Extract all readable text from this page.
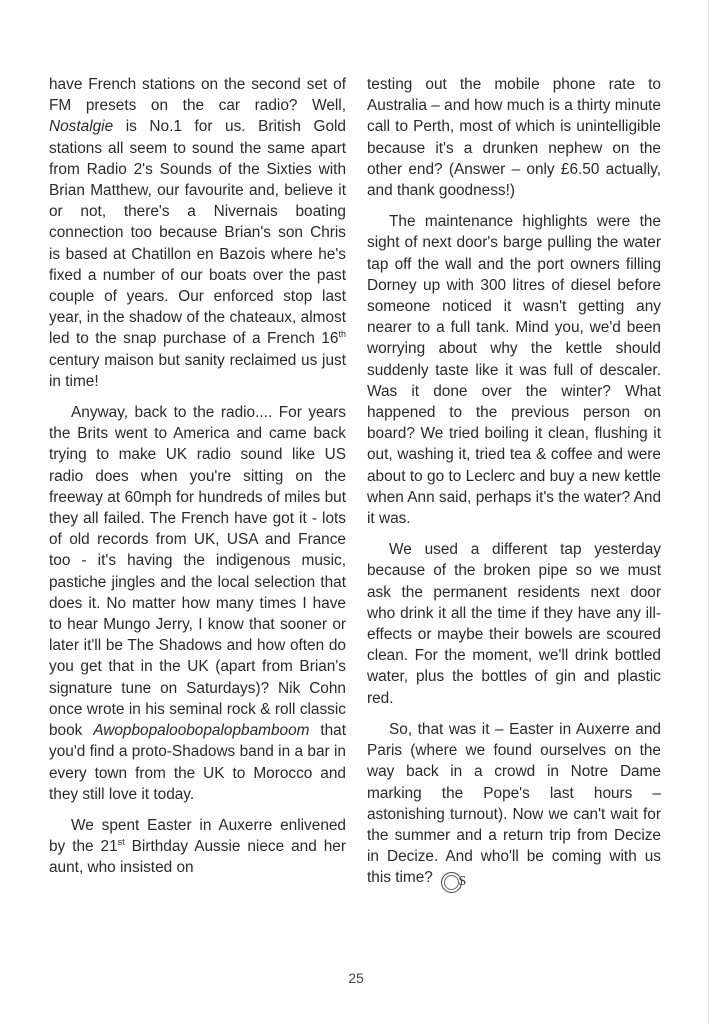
have French stations on the second set of FM presets on the car radio? Well, Nostalgie is No.1 for us. British Gold stations all seem to sound the same apart from Radio 2's Sounds of the Sixties with Brian Matthew, our favourite and, believe it or not, there's a Nivernais boating connection too because Brian's son Chris is based at Chatillon en Bazois where he's fixed a number of our boats over the past couple of years. Our enforced stop last year, in the shadow of the chateaux, almost led to the snap purchase of a French 16th century maison but sanity reclaimed us just in time!

Anyway, back to the radio.... For years the Brits went to America and came back trying to make UK radio sound like US radio does when you're sitting on the freeway at 60mph for hundreds of miles but they all failed. The French have got it - lots of old records from UK, USA and France too - it's having the indigenous music, pastiche jingles and the local selection that does it. No matter how many times I have to hear Mungo Jerry, I know that sooner or later it'll be The Shadows and how often do you get that in the UK (apart from Brian's signature tune on Saturdays)? Nik Cohn once wrote in his seminal rock & roll classic book Awopbopaloobopalopbamboom that you'd find a proto-Shadows band in a bar in every town from the UK to Morocco and they still love it today.

We spent Easter in Auxerre enlivened by the 21st Birthday Aussie niece and her aunt, who insisted on

testing out the mobile phone rate to Australia – and how much is a thirty minute call to Perth, most of which is unintelligible because it's a drunken nephew on the other end? (Answer – only £6.50 actually, and thank goodness!)

The maintenance highlights were the sight of next door's barge pulling the water tap off the wall and the port owners filling Dorney up with 300 litres of diesel before someone noticed it wasn't getting any nearer to a full tank. Mind you, we'd been worrying about why the kettle should suddenly taste like it was full of descaler. Was it done over the winter? What happened to the previous person on board? We tried boiling it clean, flushing it out, washing it, tried tea & coffee and were about to go to Leclerc and buy a new kettle when Ann said, perhaps it's the water? And it was.

We used a different tap yesterday because of the broken pipe so we must ask the permanent residents next door who drink it all the time if they have any ill-effects or maybe their bowels are scoured clean. For the moment, we'll drink bottled water, plus the bottles of gin and plastic red.

So, that was it – Easter in Auxerre and Paris (where we found ourselves on the way back in a crowd in Notre Dame marking the Pope's last hours – astonishing turnout). Now we can't wait for the summer and a return trip from Decize in Decize. And who'll be coming with us this time? S

25
